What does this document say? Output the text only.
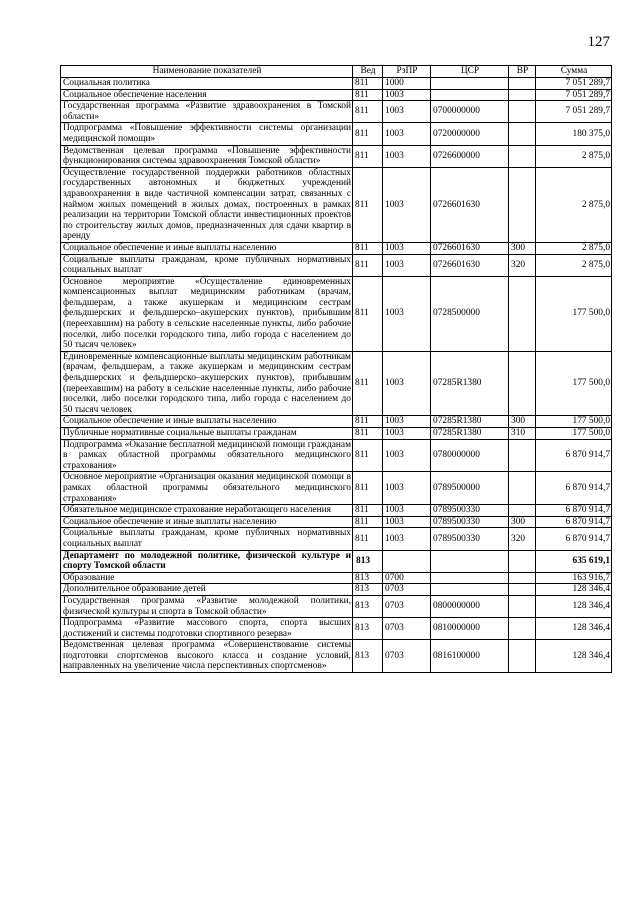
127
Наименование показателей	Вед	РзПР	ЦСР	ВР	Сумма
Социальная политика	811	1000			7 051 289,7
Социальное обеспечение населения	811	1003			7 051 289,7
Государственная программа «Развитие здравоохранения в Томской области»	811	1003	0700000000		7 051 289,7
Подпрограмма «Повышение эффективности системы организации медицинской помощи»	811	1003	0720000000		180 375,0
Ведомственная целевая программа «Повышение эффективности функционирования системы здравоохранения Томской области»	811	1003	0726600000		2 875,0
Осуществление государственной поддержки работников областных государственных автономных и бюджетных учреждений здравоохранения в виде частичной компенсации затрат, связанных с наймом жилых помещений в жилых домах, построенных в рамках реализации на территории Томской области инвестиционных проектов по строительству жилых домов, предназначенных для сдачи квартир в аренду	811	1003	0726601630		2 875,0
Социальное обеспечение и иные выплаты населению	811	1003	0726601630	300	2 875,0
Социальные выплаты гражданам, кроме публичных нормативных социальных выплат	811	1003	0726601630	320	2 875,0
Основное мероприятие «Осуществление единовременных компенсационных выплат медицинским работникам (врачам, фельдшерам, а также акушеркам и медицинским сестрам фельдшерских и фельдшерско–акушерских пунктов), прибывшим (переехавшим) на работу в сельские населенные пункты, либо рабочие поселки, либо поселки городского типа, либо города с населением до 50 тысяч человек»	811	1003	0728500000		177 500,0
Единовременные компенсационные выплаты медицинским работникам (врачам, фельдшерам, а также акушеркам и медицинским сестрам фельдшерских и фельдшерско–акушерских пунктов), прибывшим (переехавшим) на работу в сельские населенные пункты, либо рабочие поселки, либо поселки городского типа, либо города с населением до 50 тысяч человек	811	1003	07285R1380		177 500,0
Социальное обеспечение и иные выплаты населению	811	1003	07285R1380	300	177 500,0
Публичные нормативные социальные выплаты гражданам	811	1003	07285R1380	310	177 500,0
Подпрограмма «Оказание бесплатной медицинской помощи гражданам в рамках областной программы обязательного медицинского страхования»	811	1003	0780000000		6 870 914,7
Основное мероприятие «Организация оказания медицинской помощи в рамках областной программы обязательного медицинского страхования»	811	1003	0789500000		6 870 914,7
Обязательное медицинское страхование неработающего населения	811	1003	0789500330		6 870 914,7
Социальное обеспечение и иные выплаты населению	811	1003	0789500330	300	6 870 914,7
Социальные выплаты гражданам, кроме публичных нормативных социальных выплат	811	1003	0789500330	320	6 870 914,7
Департамент по молодежной политике, физической культуре и спорту Томской области	813				635 619,1
Образование	813	0700			163 916,7
Дополнительное образование детей	813	0703			128 346,4
Государственная программа «Развитие молодежной политики, физической культуры и спорта в Томской области»	813	0703	0800000000		128 346,4
Подпрограмма «Развитие массового спорта, спорта высших достижений и системы подготовки спортивного резерва»	813	0703	0810000000		128 346,4
Ведомственная целевая программа «Совершенствование системы подготовки спортсменов высокого класса и создание условий, направленных на увеличение числа перспективных спортсменов»	813	0703	0816100000		128 346,4
